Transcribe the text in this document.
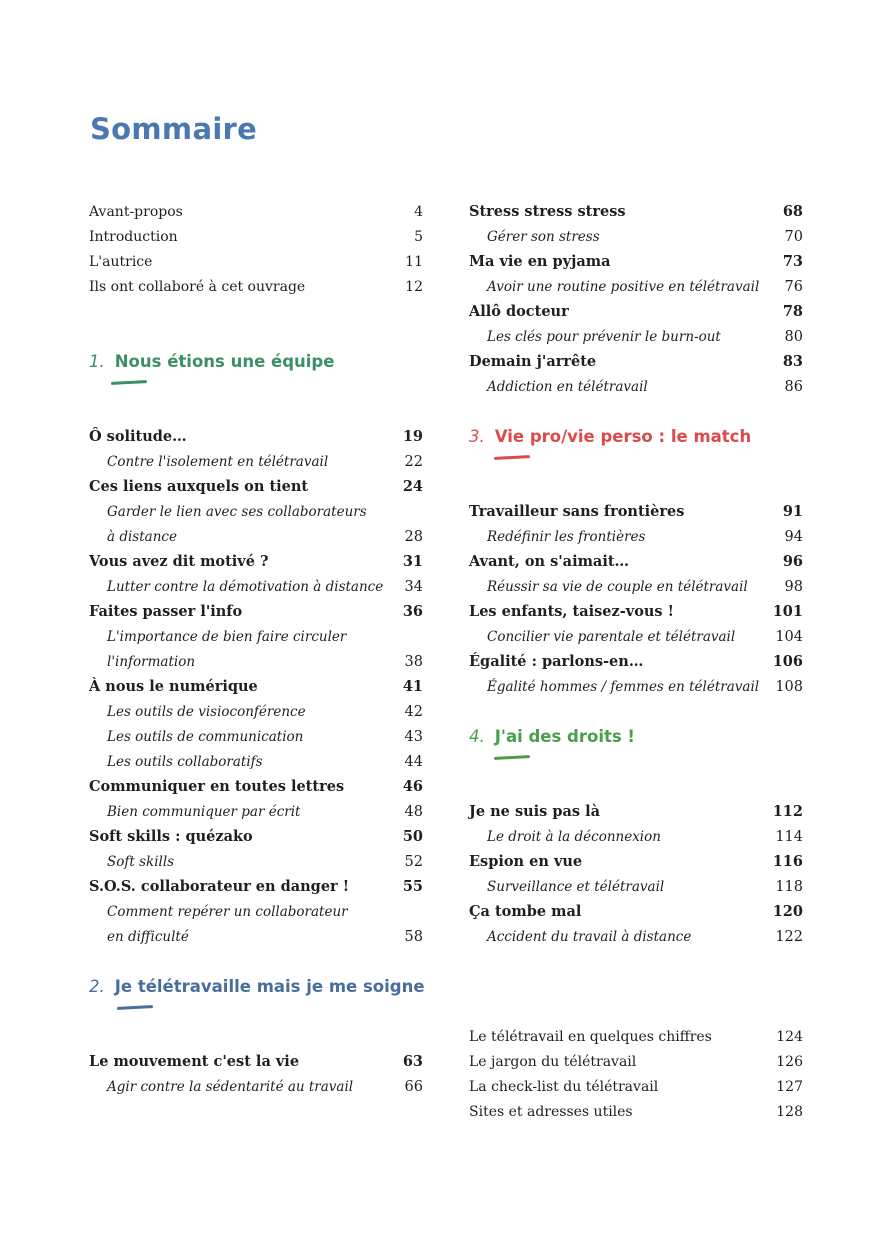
Sommaire
Avant-propos	4
Introduction	5
L'autrice	11
Ils ont collaboré à cet ouvrage	12
1. Nous étions une équipe
Ô solitude…	19
Contre l'isolement en télétravail	22
Ces liens auxquels on tient	24
Garder le lien avec ses collaborateurs
à distance	28
Vous avez dit motivé ?	31
Lutter contre la démotivation à distance 34
Faites passer l'info	36
L'importance de bien faire circuler
l'information	38
À nous le numérique	41
Les outils de visioconférence	42
Les outils de communication	43
Les outils collaboratifs	44
Communiquer en toutes lettres	46
Bien communiquer par écrit	48
Soft skills : quézako	50
Soft skills	52
S.O.S. collaborateur en danger !	55
Comment repérer un collaborateur
en difficulté	58
2. Je télétravaille mais je me soigne
Le mouvement c'est la vie	63
Agir contre la sédentarité au travail	66
Stress stress stress	68
Gérer son stress	70
Ma vie en pyjama	73
Avoir une routine positive en télétravail 76
Allô docteur	78
Les clés pour prévenir le burn-out	80
Demain j'arrête	83
Addiction en télétravail	86
3. Vie pro/vie perso : le match
Travailleur sans frontières	91
Redéfinir les frontières	94
Avant, on s'aimait…	96
Réussir sa vie de couple en télétravail	98
Les enfants, taisez-vous !	101
Concilier vie parentale et télétravail	104
Égalité : parlons-en…	106
Égalité hommes / femmes en télétravail 108
4. J'ai des droits !
Je ne suis pas là	112
Le droit à la déconnexion	114
Espion en vue	116
Surveillance et télétravail	118
Ça tombe mal	120
Accident du travail à distance	122
Le télétravail en quelques chiffres	124
Le jargon du télétravail	126
La check-list du télétravail	127
Sites et adresses utiles	128
